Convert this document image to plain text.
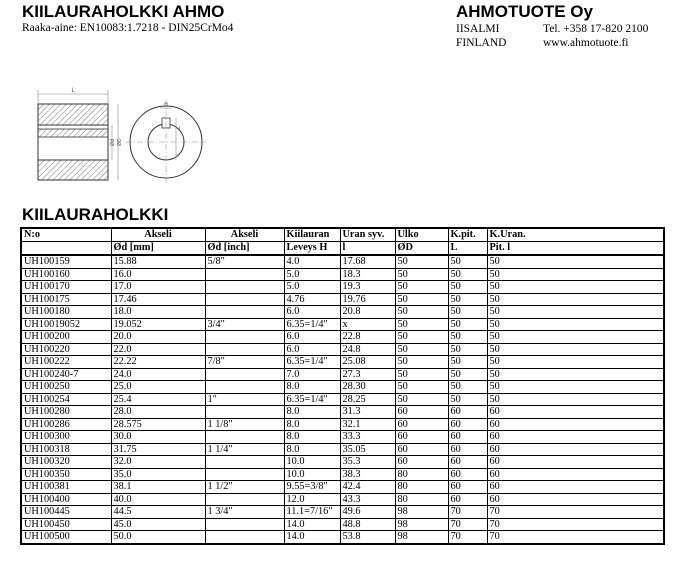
KIILAURAHOLKKI AHMO
Raaka-aine: EN10083:1.7218 - DIN25CrMo4
AHMOTUOTE Oy
IISALMI	Tel. +358 17-820 2100
FINLAND	www.ahmotuote.fi
L
Ød ØD
H
l
KIILAURAHOLKKI
N:o	Akseli	Akseli	Kiilauran	Uran syv.	Ulko	K.pit.	K.Uran.
	Ød [mm]	Ød [inch]	Leveys H	l	ØD	L	Pit. l
UH100159	15.88	5/8"	4.0	17.68	50	50	50
UH100160	16.0		5.0	18.3	50	50	50
UH100170	17.0		5.0	19.3	50	50	50
UH100175	17.46		4.76	19.76	50	50	50
UH100180	18.0		6.0	20.8	50	50	50
UH10019052	19.052	3/4"	6.35=1/4"	x	50	50	50
UH100200	20.0		6.0	22.8	50	50	50
UH100220	22.0		6.0	24.8	50	50	50
UH100222	22.22	7/8"	6.35=1/4"	25.08	50	50	50
UH100240-7	24.0		7.0	27.3	50	50	50
UH100250	25.0		8.0	28.30	50	50	50
UH100254	25.4	1"	6.35=1/4"	28.25	50	50	50
UH100280	28.0		8.0	31.3	60	60	60
UH100286	28.575	1 1/8"	8.0	32.1	60	60	60
UH100300	30.0		8.0	33.3	60	60	60
UH100318	31.75	1 1/4"	8.0	35.05	60	60	60
UH100320	32.0		10.0	35.3	60	60	60
UH100350	35.0		10.0	38.3	80	60	60
UH100381	38.1	1 1/2"	9.55=3/8"	42.4	80	60	60
UH100400	40.0		12.0	43.3	80	60	60
UH100445	44.5	1 3/4"	11.1=7/16"	49.6	98	70	70
UH100450	45.0		14.0	48.8	98	70	70
UH100500	50.0		14.0	53.8	98	70	70
